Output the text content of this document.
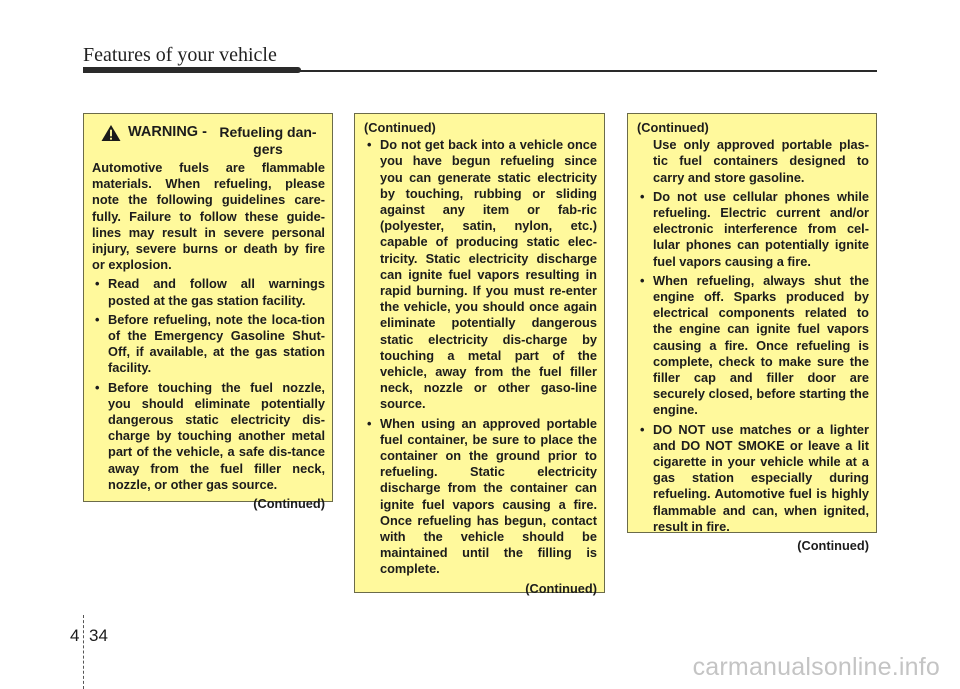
Features of your vehicle
WARNING - Refueling dan-gers

Automotive fuels are flammable materials. When refueling, please note the following guidelines care-fully. Failure to follow these guide-lines may result in severe personal injury, severe burns or death by fire or explosion.

• Read and follow all warnings posted at the gas station facility.
• Before refueling, note the loca-tion of the Emergency Gasoline Shut-Off, if available, at the gas station facility.
• Before touching the fuel nozzle, you should eliminate potentially dangerous static electricity dis-charge by touching another metal part of the vehicle, a safe dis-tance away from the fuel filler neck, nozzle, or other gas source.
(Continued)
(Continued)
• Do not get back into a vehicle once you have begun refueling since you can generate static electricity by touching, rubbing or sliding against any item or fab-ric (polyester, satin, nylon, etc.) capable of producing static elec-tricity. Static electricity discharge can ignite fuel vapors resulting in rapid burning. If you must re-enter the vehicle, you should once again eliminate potentially dangerous static electricity dis-charge by touching a metal part of the vehicle, away from the fuel filler neck, nozzle or other gaso-line source.
• When using an approved portable fuel container, be sure to place the container on the ground prior to refueling. Static electricity discharge from the container can ignite fuel vapors causing a fire. Once refueling has begun, contact with the vehicle should be maintained until the filling is complete.
(Continued)
(Continued)
Use only approved portable plas-tic fuel containers designed to carry and store gasoline.
• Do not use cellular phones while refueling. Electric current and/or electronic interference from cel-lular phones can potentially ignite fuel vapors causing a fire.
• When refueling, always shut the engine off. Sparks produced by electrical components related to the engine can ignite fuel vapors causing a fire. Once refueling is complete, check to make sure the filler cap and filler door are securely closed, before starting the engine.
• DO NOT use matches or a lighter and DO NOT SMOKE or leave a lit cigarette in your vehicle while at a gas station especially during refueling. Automotive fuel is highly flammable and can, when ignited, result in fire.
(Continued)
4 34
carmanualsonline.info
